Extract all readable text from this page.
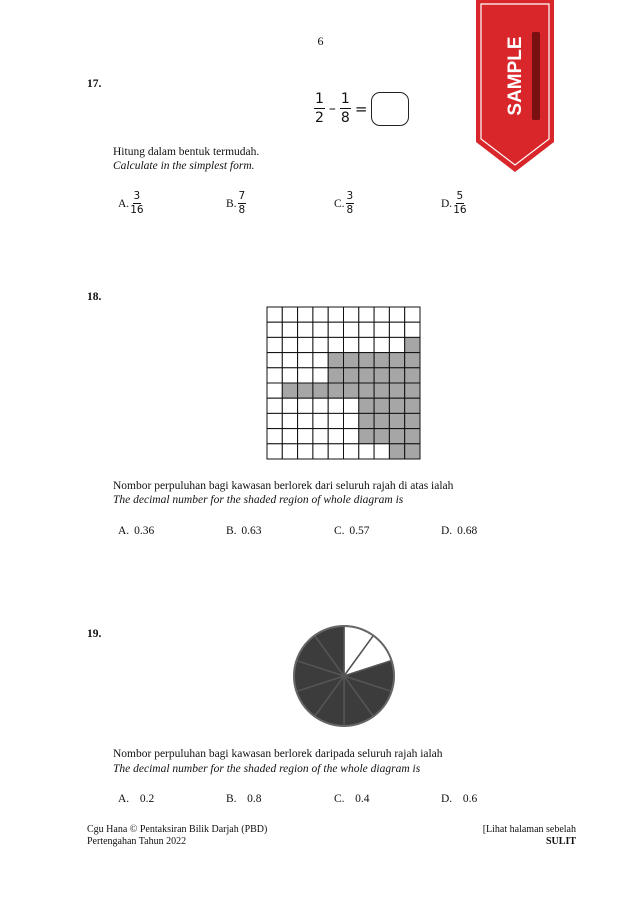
6	SAMPLE
17.
$\frac{1}{2} - \frac{1}{8}$ =
Hitung dalam bentuk termudah.
Calculate in the simplest form.
A. $\frac{3}{16}$	B. $\frac{7}{8}$	C. $\frac{3}{8}$	D. $\frac{5}{16}$
18.
Nombor perpuluhan bagi kawasan berlorek dari seluruh rajah di atas ialah
The decimal number for the shaded region of whole diagram is
A.
0.36	B.
0.63	C.
0.57	D.
0.68
19.
Nombor perpuluhan bagi kawasan berlorek daripada seluruh rajah ialah
The decimal number for the shaded region of the whole diagram is
A.
0.2	B.
0.8	C.
0.4	D.
0.6
Cgu Hana © Pentaksiran Bilik Darjah (PBD)
Pertengahan Tahun 2022
[Lihat halaman sebelah
SULIT
